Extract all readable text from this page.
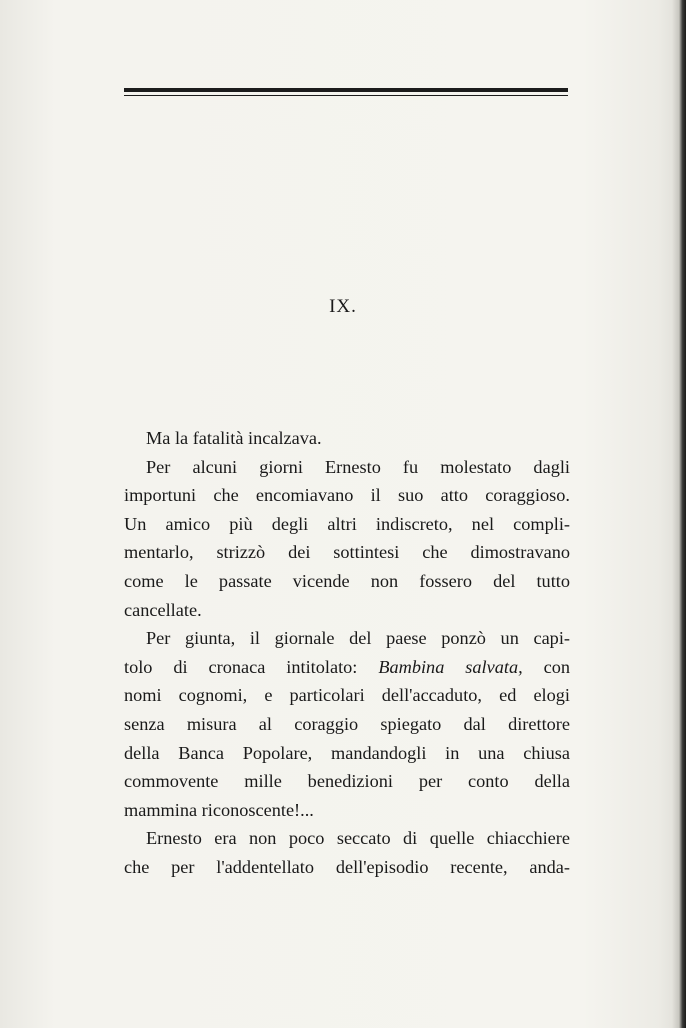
IX.
Ma la fatalità incalzava.
Per alcuni giorni Ernesto fu molestato dagli
importuni che encomiavano il suo atto coraggioso.
Un amico più degli altri indiscreto, nel compli-
mentarlo, strizzò dei sottintesi che dimostravano
come le passate vicende non fossero del tutto
cancellate.
Per giunta, il giornale del paese ponzò un capi-
tolo di cronaca intitolato: Bambina salvata, con
nomi cognomi, e particolari dell'accaduto, ed elogi
senza misura al coraggio spiegato dal direttore
della Banca Popolare, mandandogli in una chiusa
commovente mille benedizioni per conto della
mammina riconoscente!...
Ernesto era non poco seccato di quelle chiacchiere
che per l'addentellato dell'episodio recente, anda-
